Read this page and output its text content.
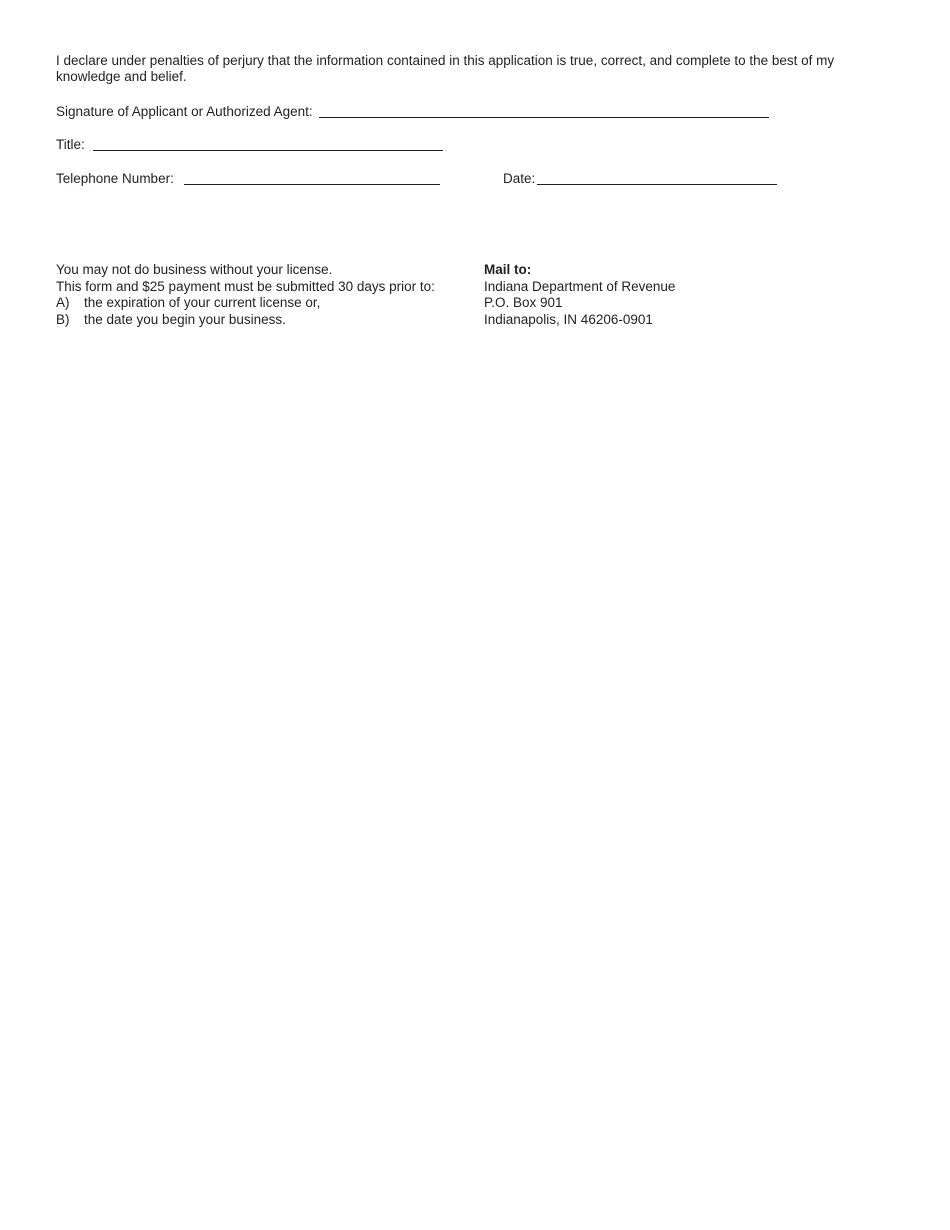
I declare under penalties of perjury that the information contained in this application is true, correct, and complete to the best of my knowledge and belief.
Signature of Applicant or Authorized Agent:
Title:
Telephone Number:	Date:
You may not do business without your license.
This form and $25 payment must be submitted 30 days prior to:
A)	the expiration of your current license or,
B)	the date you begin your business.
Mail to:
Indiana Department of Revenue
P.O. Box 901
Indianapolis, IN 46206-0901
